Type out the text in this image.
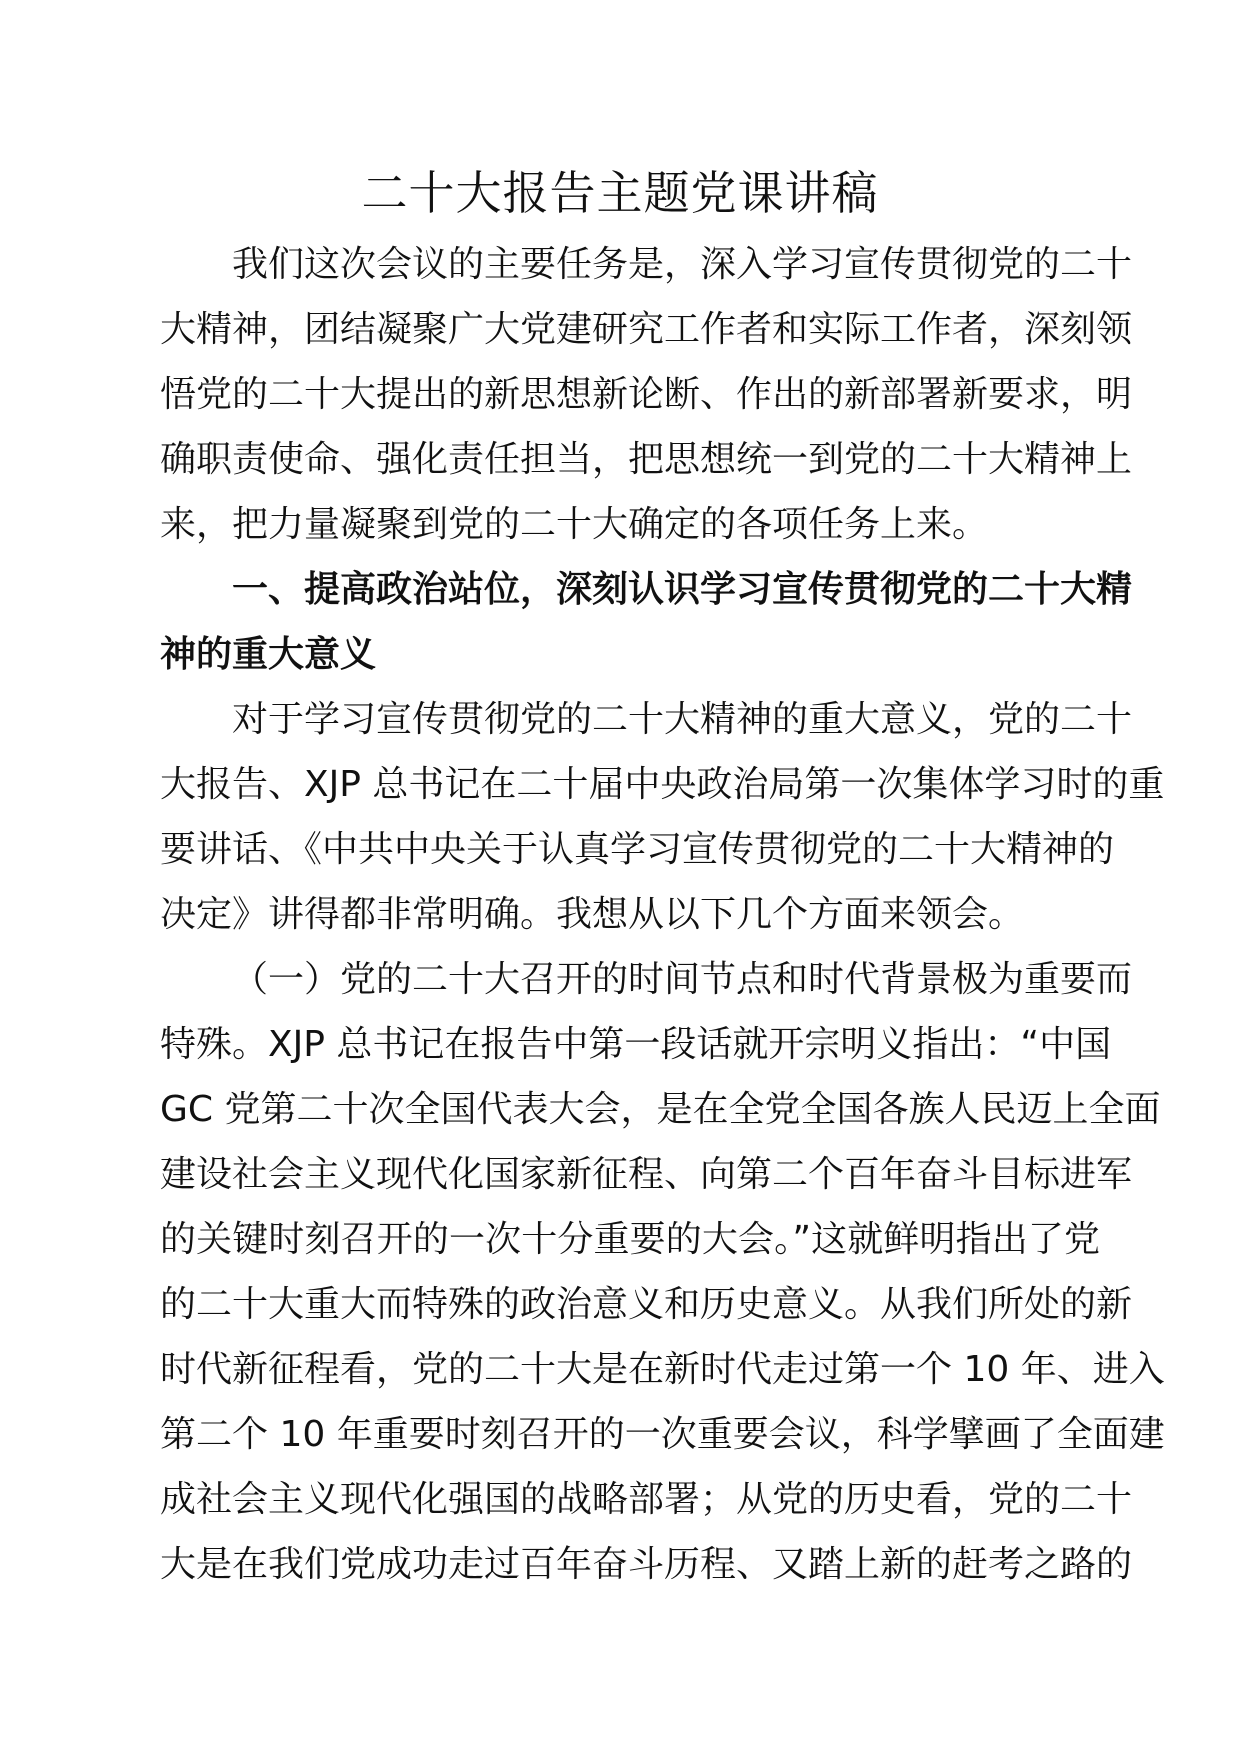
二十大报告主题党课讲稿
我们这次会议的主要任务是，深入学习宣传贯彻党的二十
大精神，团结凝聚广大党建研究工作者和实际工作者，深刻领
悟党的二十大提出的新思想新论断、作出的新部署新要求，明
确职责使命、强化责任担当，把思想统一到党的二十大精神上
来，把力量凝聚到党的二十大确定的各项任务上来。
一、提高政治站位，深刻认识学习宣传贯彻党的二十大精
神的重大意义
对于学习宣传贯彻党的二十大精神的重大意义，党的二十
大报告、XJP 总书记在二十届中央政治局第一次集体学习时的重
要讲话、《中共中央关于认真学习宣传贯彻党的二十大精神的
决定》讲得都非常明确。我想从以下几个方面来领会。
（一）党的二十大召开的时间节点和时代背景极为重要而
特殊。XJP 总书记在报告中第一段话就开宗明义指出：“中国
GC 党第二十次全国代表大会，是在全党全国各族人民迈上全面
建设社会主义现代化国家新征程、向第二个百年奋斗目标进军
的关键时刻召开的一次十分重要的大会。”这就鲜明指出了党
的二十大重大而特殊的政治意义和历史意义。从我们所处的新
时代新征程看，党的二十大是在新时代走过第一个 10 年、进入
第二个 10 年重要时刻召开的一次重要会议，科学擘画了全面建
成社会主义现代化强国的战略部署；从党的历史看，党的二十
大是在我们党成功走过百年奋斗历程、又踏上新的赶考之路的
